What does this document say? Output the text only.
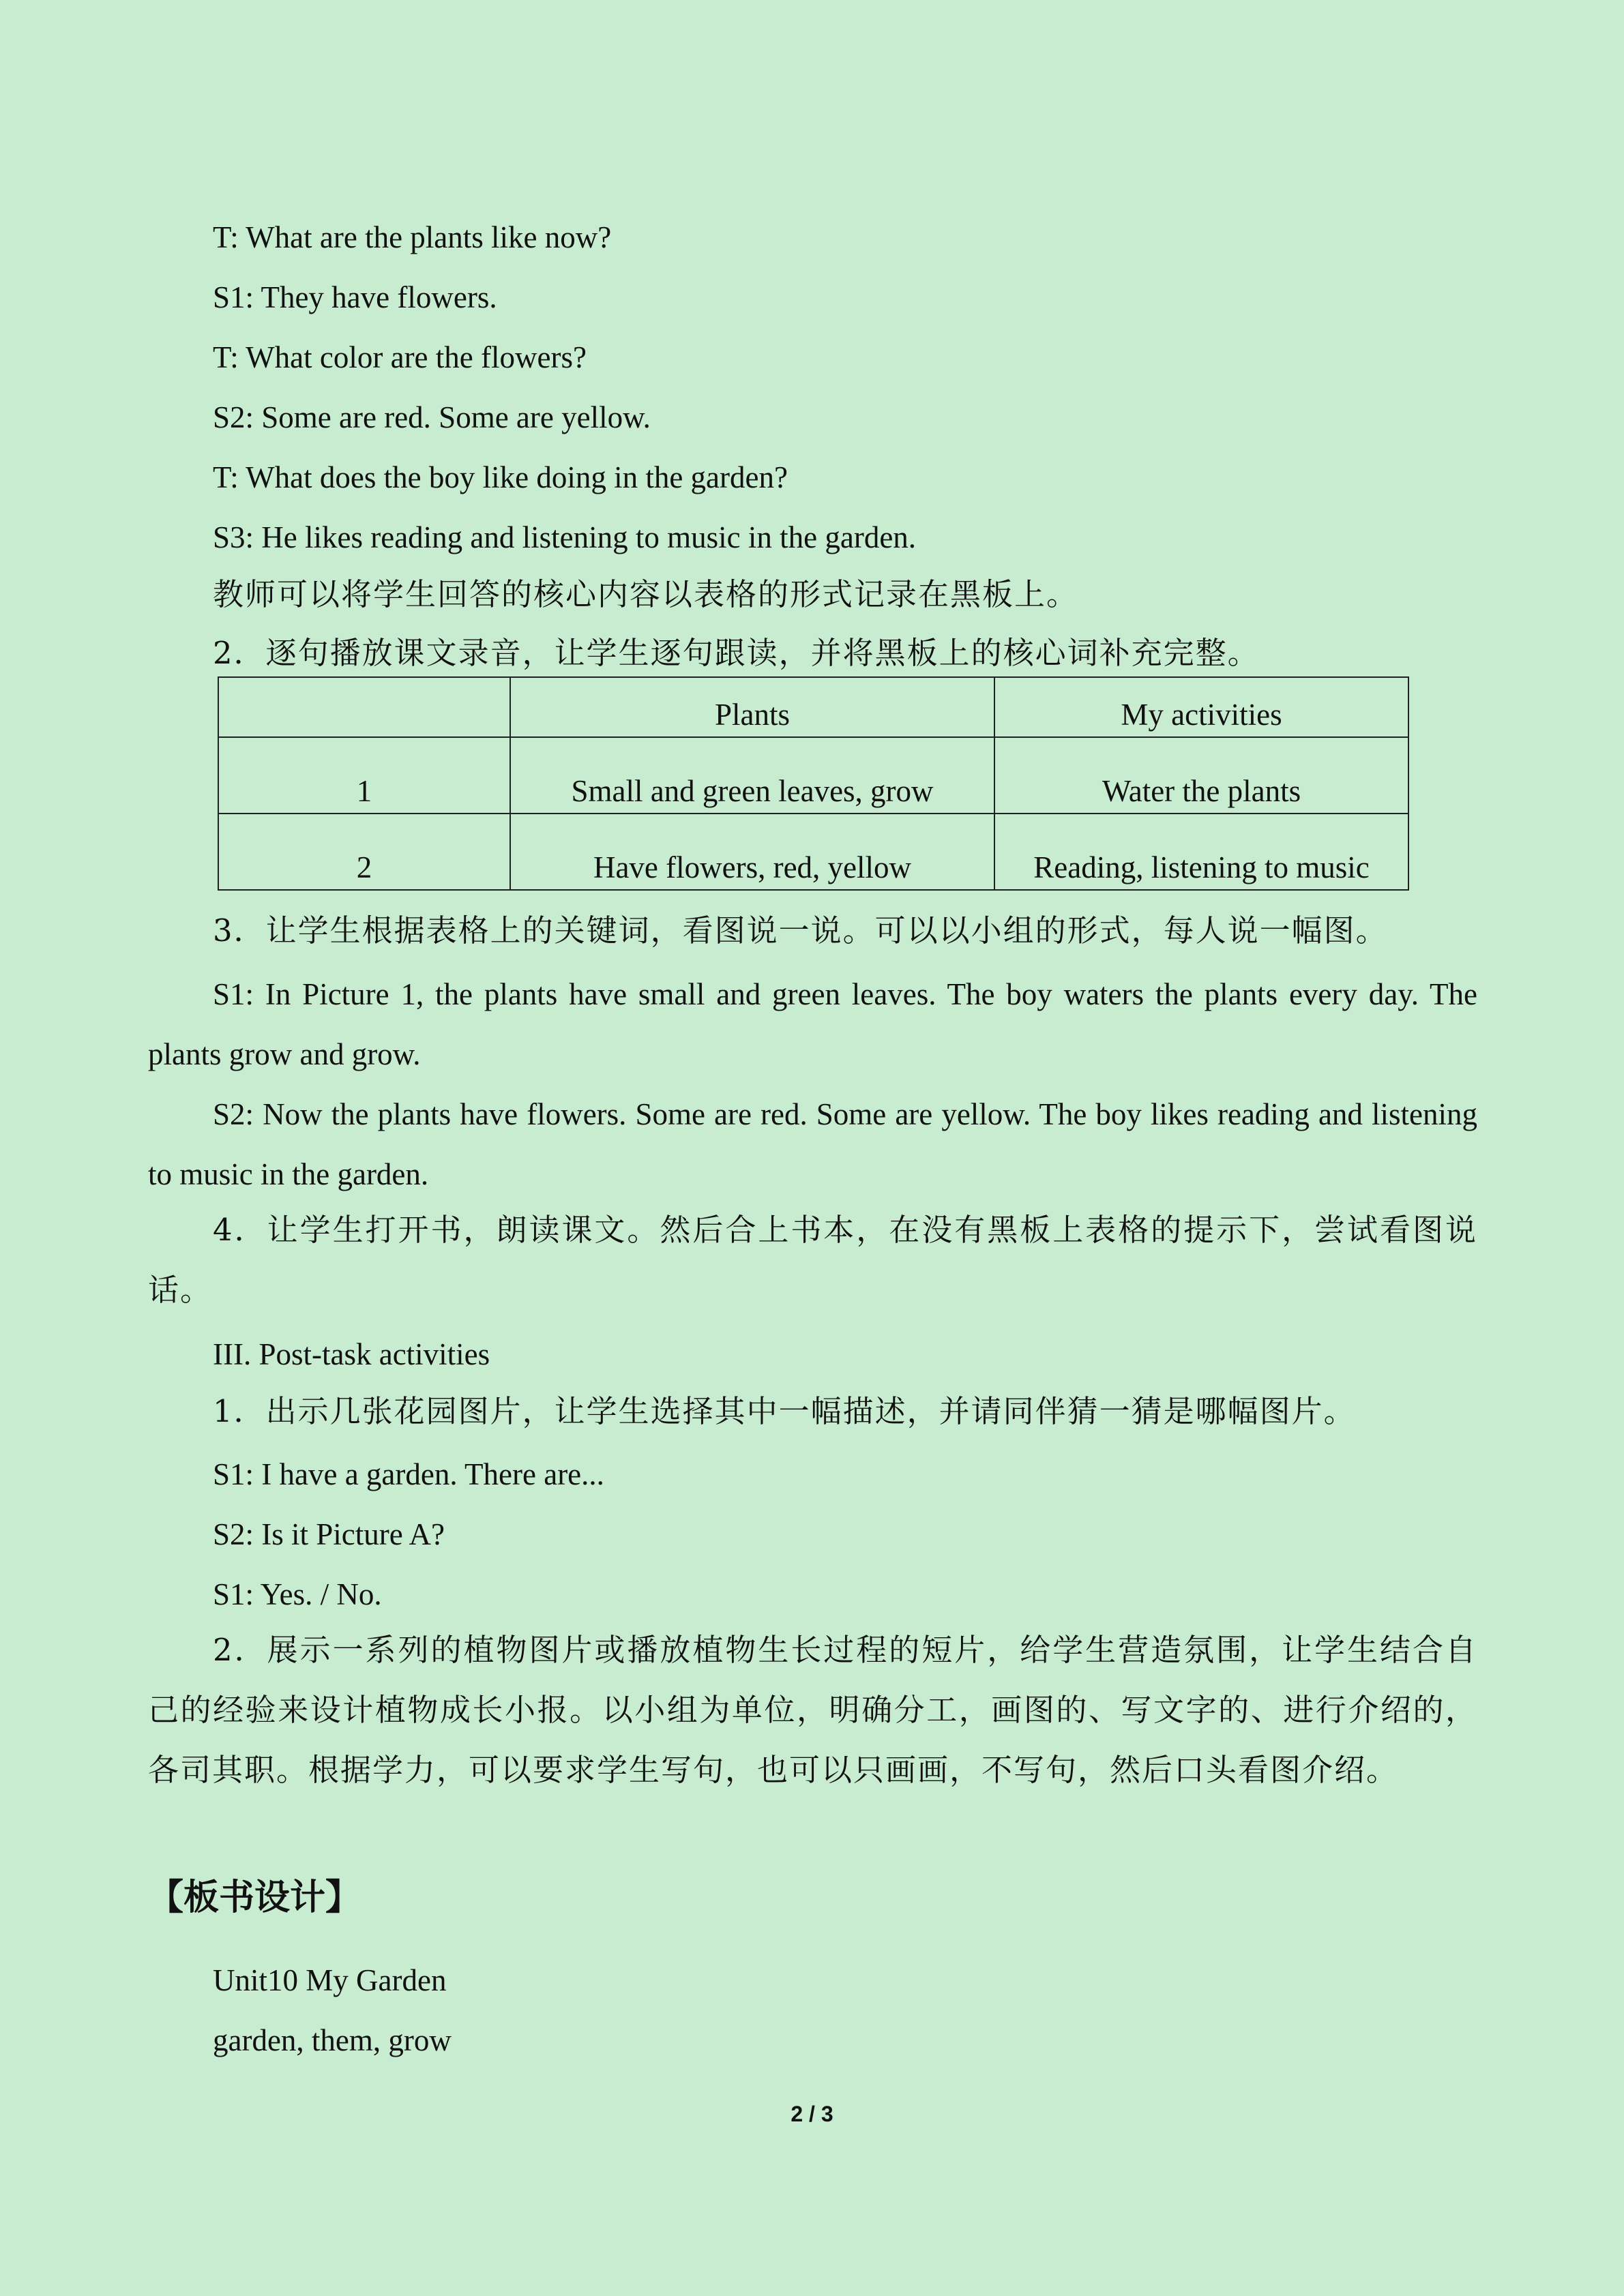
T: What are the plants like now?
S1: They have flowers.
T: What color are the flowers?
S2: Some are red. Some are yellow.
T: What does the boy like doing in the garden?
S3: He likes reading and listening to music in the garden.
教师可以将学生回答的核心内容以表格的形式记录在黑板上。
2．逐句播放课文录音，让学生逐句跟读，并将黑板上的核心词补充完整。
	Plants	My activities
1	Small and green leaves, grow	Water the plants
2	Have flowers, red, yellow	Reading, listening to music
3．让学生根据表格上的关键词，看图说一说。可以以小组的形式，每人说一幅图。
S1: In Picture 1, the plants have small and green leaves. The boy waters the plants every day. The plants grow and grow.
S2: Now the plants have flowers. Some are red. Some are yellow. The boy likes reading and listening to music in the garden.
4．让学生打开书，朗读课文。然后合上书本，在没有黑板上表格的提示下，尝试看图说话。
III. Post-task activities
1．出示几张花园图片，让学生选择其中一幅描述，并请同伴猜一猜是哪幅图片。
S1: I have a garden. There are...
S2: Is it Picture A?
S1: Yes. / No.
2．展示一系列的植物图片或播放植物生长过程的短片，给学生营造氛围，让学生结合自己的经验来设计植物成长小报。以小组为单位，明确分工，画图的、写文字的、进行介绍的，各司其职。根据学力，可以要求学生写句，也可以只画画，不写句，然后口头看图介绍。
【板书设计】
Unit10 My Garden
garden, them, grow
2 / 3
